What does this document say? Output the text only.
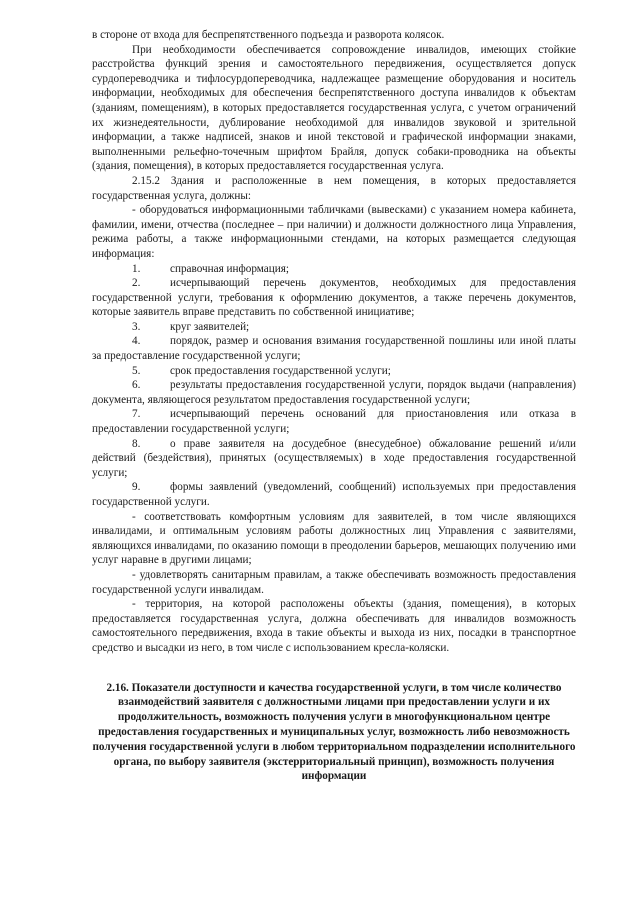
в стороне от входа для беспрепятственного подъезда и разворота колясок.

При необходимости обеспечивается сопровождение инвалидов, имеющих стойкие расстройства функций зрения и самостоятельного передвижения, осуществляется допуск сурдопереводчика и тифлосурдопереводчика, надлежащее размещение оборудования и носитель информации, необходимых для обеспечения беспрепятственного доступа инвалидов к объектам (зданиям, помещениям), в которых предоставляется государственная услуга, с учетом ограничений их жизнедеятельности, дублирование необходимой для инвалидов звуковой и зрительной информации, а также надписей, знаков и иной текстовой и графической информации знаками, выполненными рельефно-точечным шрифтом Брайля, допуск собаки-проводника на объекты (здания, помещения), в которых предоставляется государственная услуга.

2.15.2 Здания и расположенные в нем помещения, в которых предоставляется государственная услуга, должны:

- оборудоваться информационными табличками (вывесками) с указанием номера кабинета, фамилии, имени, отчества (последнее – при наличии) и должности должностного лица Управления, режима работы, а также информационными стендами, на которых размещается следующая информация:

1.	справочная информация;

2.	исчерпывающий перечень документов, необходимых для предоставления государственной услуги, требования к оформлению документов, а также перечень документов, которые заявитель вправе представить по собственной инициативе;

3.	круг заявителей;

4.	порядок, размер и основания взимания государственной пошлины или иной платы за предоставление государственной услуги;

5.	срок предоставления государственной услуги;

6.	результаты предоставления государственной услуги, порядок выдачи (направления) документа, являющегося результатом предоставления государственной услуги;

7.	исчерпывающий перечень оснований для приостановления или отказа в предоставлении государственной услуги;

8.	о праве заявителя на досудебное (внесудебное) обжалование решений и/или действий (бездействия), принятых (осуществляемых) в ходе предоставления государственной услуги;

9.	формы заявлений (уведомлений, сообщений) используемых при предоставления государственной услуги.

- соответствовать комфортным условиям для заявителей, в том числе являющихся инвалидами, и оптимальным условиям работы должностных лиц Управления с заявителями, являющихся инвалидами, по оказанию помощи в преодолении барьеров, мешающих получению ими услуг наравне в другими лицами;

- удовлетворять санитарным правилам, а также обеспечивать возможность предоставления государственной услуги инвалидам.

- территория, на которой расположены объекты (здания, помещения), в которых предоставляется государственная услуга, должна обеспечивать для инвалидов возможность самостоятельного передвижения, входа в такие объекты и выхода из них, посадки в транспортное средство и высадки из него, в том числе с использованием кресла-коляски.

2.16. Показатели доступности и качества государственной услуги, в том числе количество взаимодействий заявителя с должностными лицами при предоставлении услуги и их продолжительность, возможность получения услуги в многофункциональном центре предоставления государственных и муниципальных услуг, возможность либо невозможность получения государственной услуги в любом территориальном подразделении исполнительного органа, по выбору заявителя (экстерриториальный принцип), возможность получения информации
